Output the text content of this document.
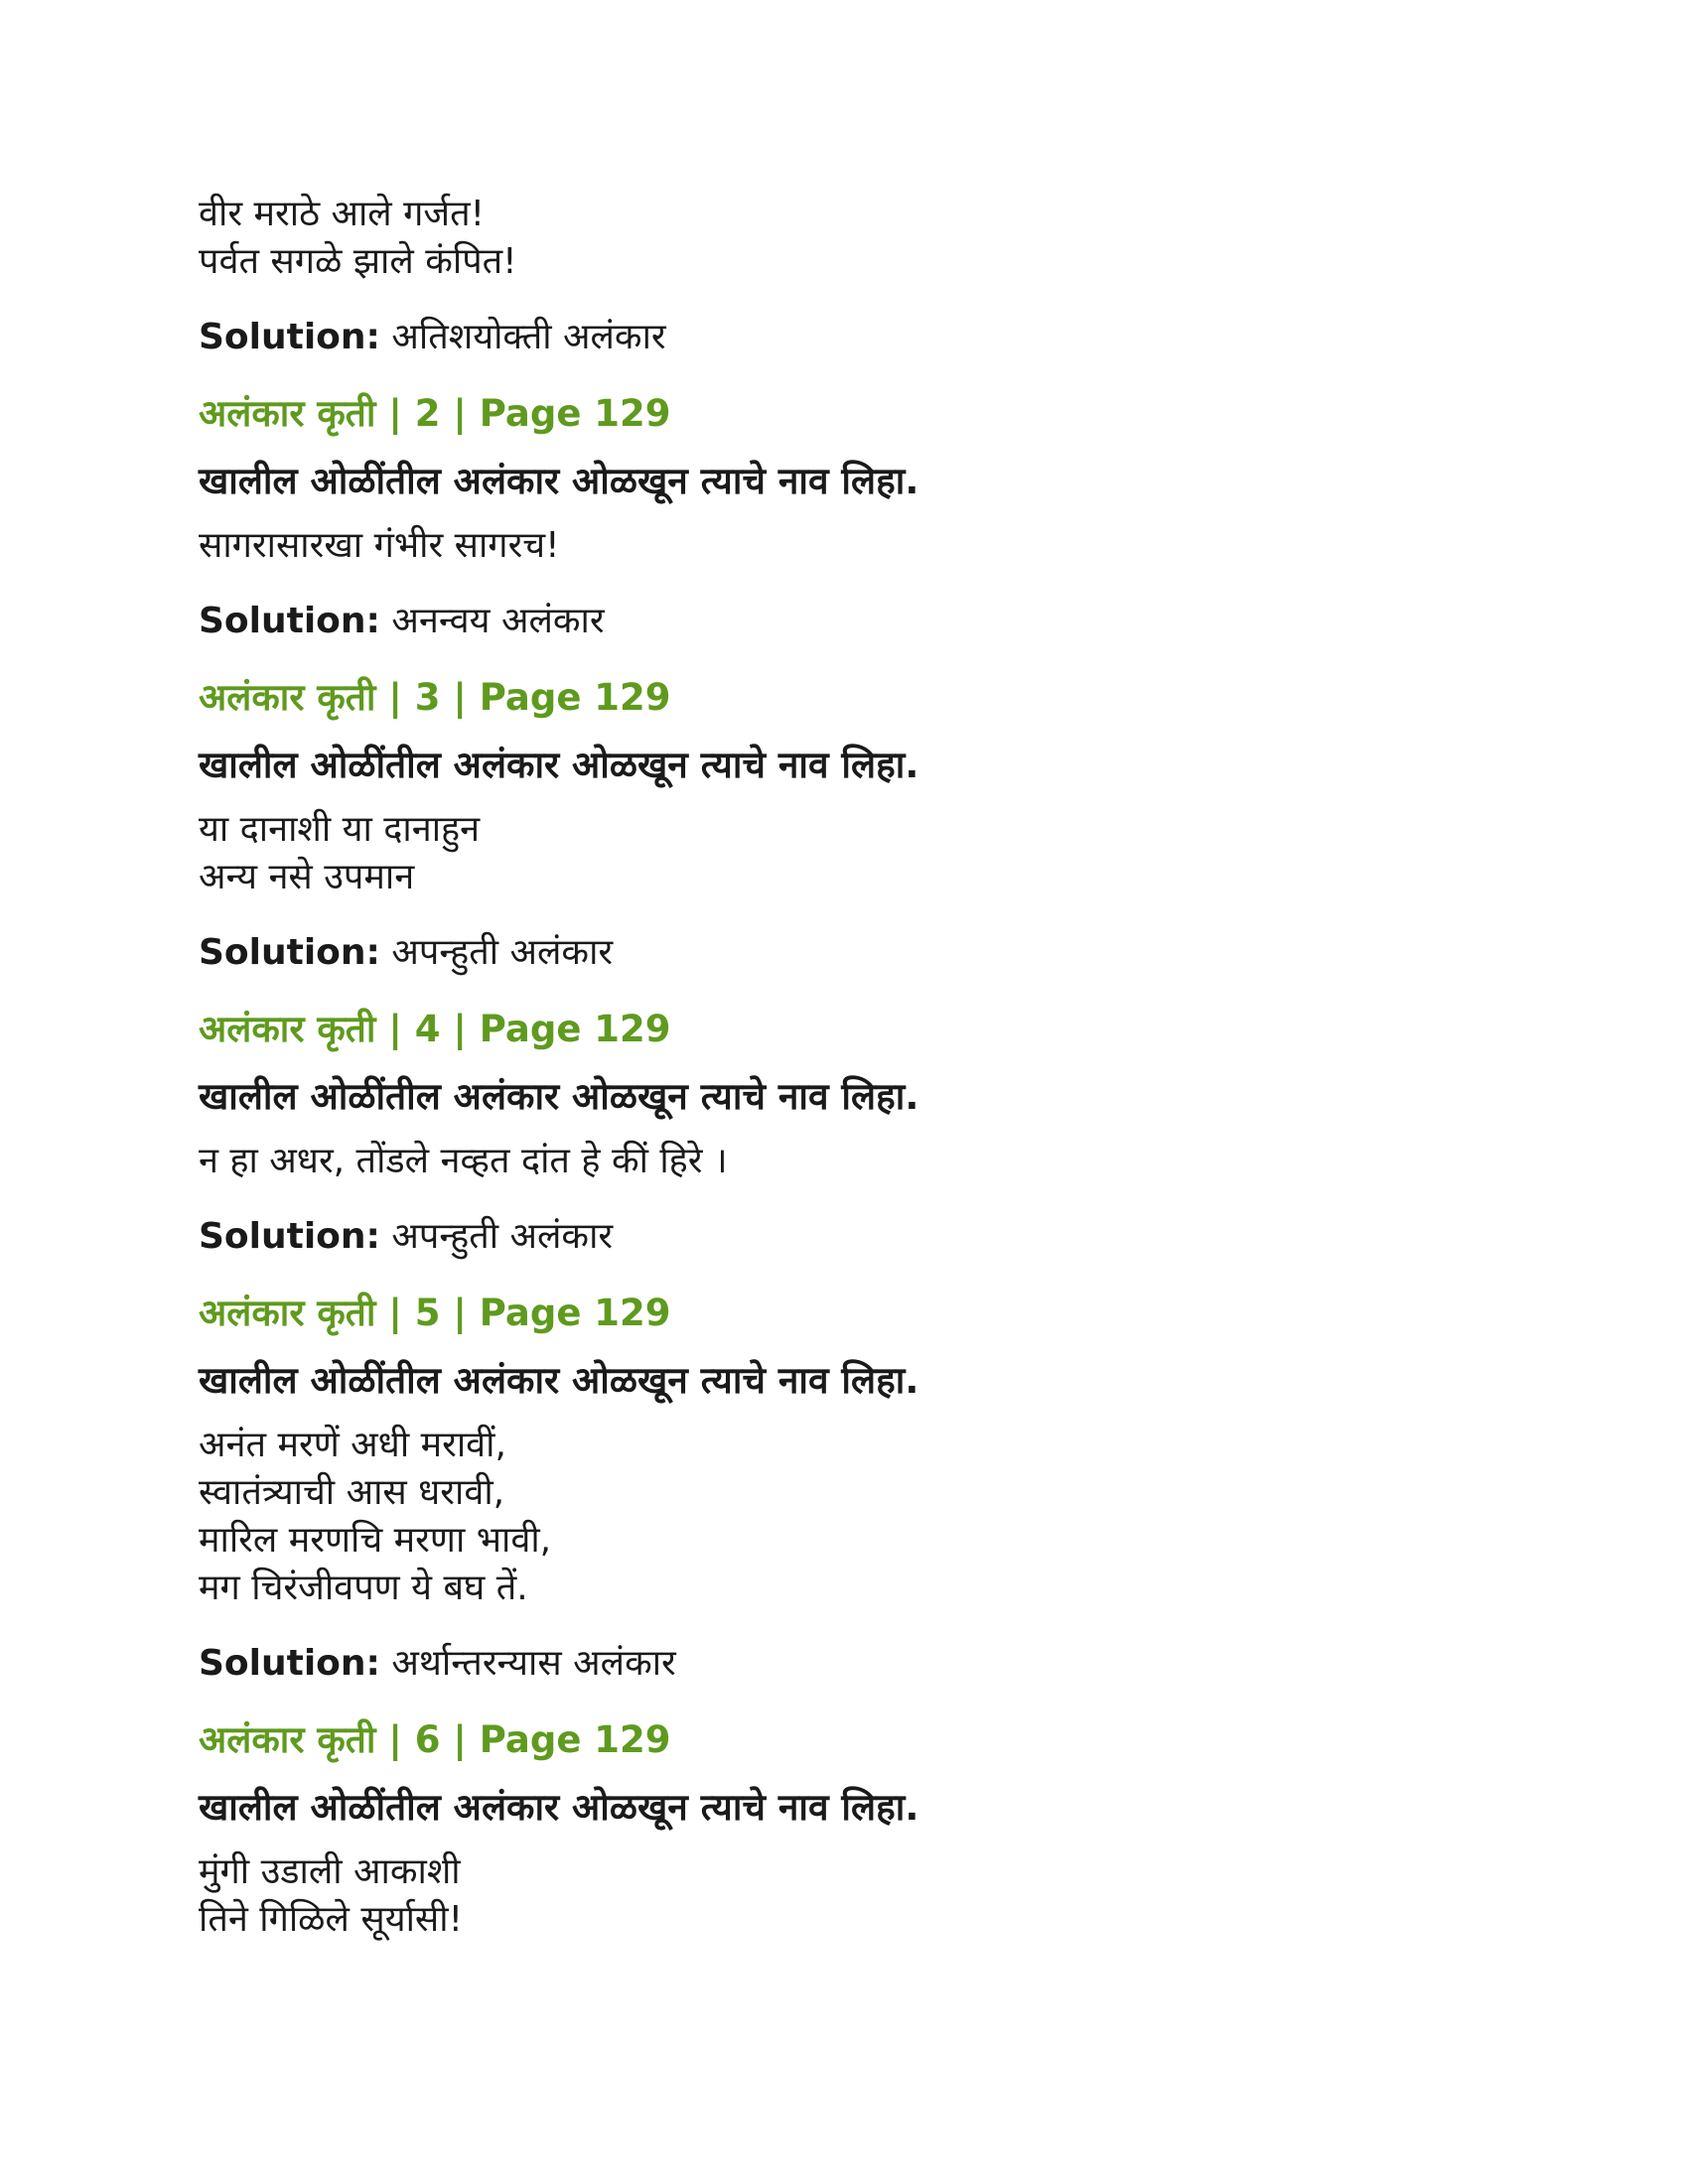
वीर मराठे आले गर्जत!

पर्वत सगळे झाले कंपित!

Solution: अतिशयोक्ती अलंकार

अलंकार कृती | 2 | Page 129
खालील ओळींतील अलंकार ओळखून त्याचे नाव लिहा.

सागरासारखा गंभीर सागरच!

Solution: अनन्वय अलंकार

अलंकार कृती | 3 | Page 129
खालील ओळींतील अलंकार ओळखून त्याचे नाव लिहा.

या दानाशी या दानाहुन

अन्य नसे उपमान

Solution: अपन्हुती अलंकार

अलंकार कृती | 4 | Page 129
खालील ओळींतील अलंकार ओळखून त्याचे नाव लिहा.

न हा अधर, तोंडले नव्हत दांत हे कीं हिरे ।

Solution: अपन्हुती अलंकार

अलंकार कृती | 5 | Page 129
खालील ओळींतील अलंकार ओळखून त्याचे नाव लिहा.

अनंत मरणें अधी मरावीं,

स्वातंत्र्याची आस धरावी,

मारिल मरणचि मरणा भावी,

मग चिरंजीवपण ये बघ तें.

Solution: अर्थान्तरन्यास अलंकार

अलंकार कृती | 6 | Page 129
खालील ओळींतील अलंकार ओळखून त्याचे नाव लिहा.

मुंगी उडाली आकाशी

तिने गिळिले सूर्यासी!
